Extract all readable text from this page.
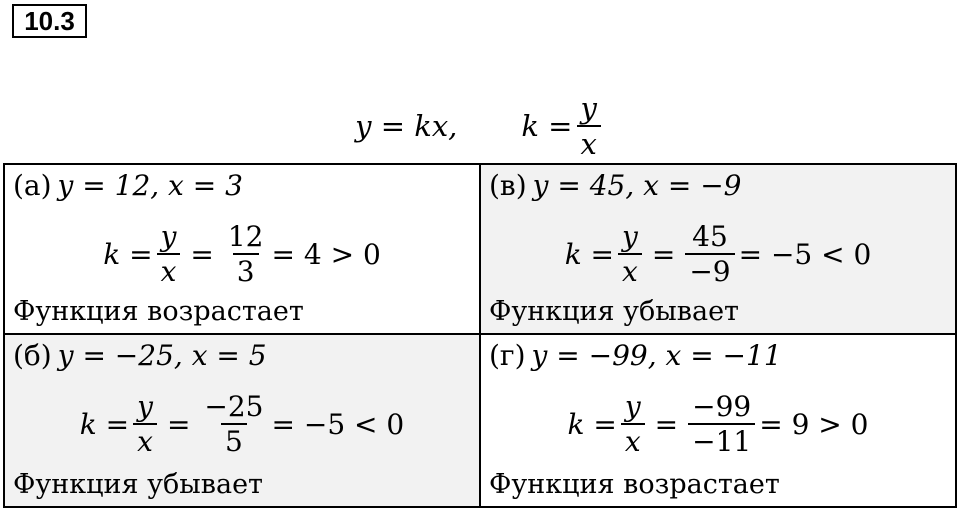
10.3
y = kx, $k = \frac{y}{x}$
(а) y = 12, x = 3
$k = \frac{y}{x} = \frac{12}{3} = 4 > 0$
Функция возрастает
(в) y = 45, x = −9
$k = \frac{y}{x} = \frac{45}{-9} = -5 < 0$
Функция убывает
(б) y = −25, x = 5
$k = \frac{y}{x} = \frac{-25}{5} = -5 < 0$
Функция убывает
(г) y = −99, x = −11
$k = \frac{y}{x} = \frac{-99}{-11} = 9 > 0$
Функция возрастает
